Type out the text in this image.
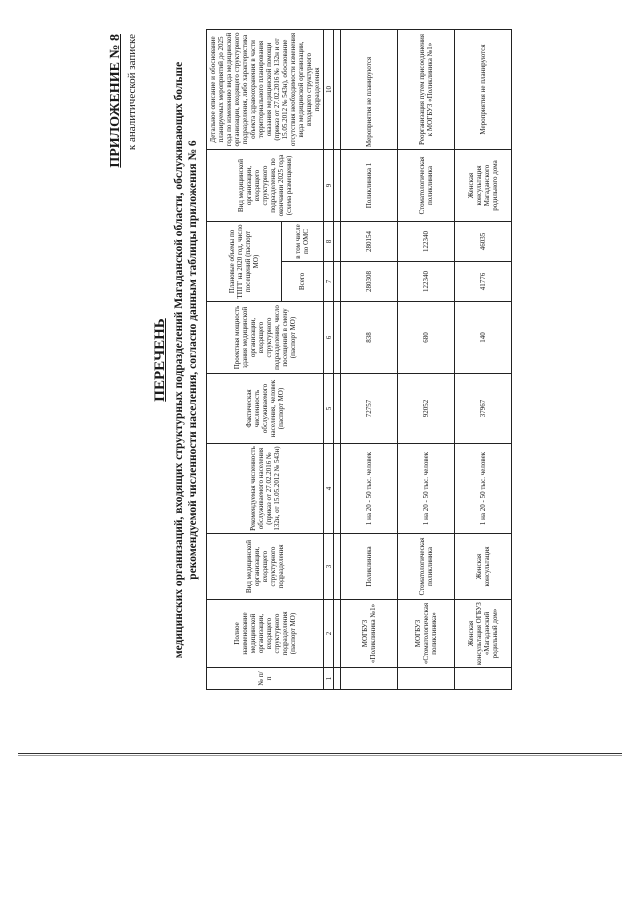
ПРИЛОЖЕНИЕ № 8 к аналитической записке
ПЕРЕЧЕНЬ медицинских организаций, входящих структурных подразделений Магаданской области, обслуживающих больше рекомендуемой численности населения, согласно данным таблицы приложения № 6
№ п/п	Полное наименование медицинской организации, входящего структурного подразделения (паспорт МО)	Вид медицинской организации, входящего структурного подразделения	Рекомендуемая численность обслуживаемого населения (приказ от 27.02.2016 № 132н, от 15.05.2012 № 543н)	Фактическая численность обслуживаемого населения, человек (паспорт МО)	Проектная мощность здания медицинской организации, входящего структурного подразделения, число посещений в смену (паспорт МО)	Плановые объемы по ТПГГ на 2020 год, число посещений (паспорт МО)		Вид медицинской организации, входящего структурного подразделения, по окончании 2025 года (схема размещения)	Детальное описание и обоснование планируемых мероприятий до 2025 года по изменению вида медицинской организации, входящего структурного подразделения, либо характеристика объекта здравоохранения в части территориального планирования оказания медицинской помощи (приказ от 27.02.2016 № 132н и от 15.05.2012 № 543н), обоснование отсутствия необходимости изменения вида медицинской организации, входящего структурного подразделения
						Всего	в том числе по ОМС		
1	2	3	4	5	6	7	8	9	10

	МОГБУЗ «Поликлиника №1»	Поликлиника	1 на 20 - 50 тыс. человек	72757	838	280308	280154	Поликлиника 1	Мероприятия не планируются
	МОГБУЗ «Стоматологическая поликлиника»	Стоматологическая поликлиника	1 на 20 - 50 тыс. человек	92052	680	122340	122340	Стоматологическая поликлиника	Реорганизация путем присоединения к МОГБУЗ «Поликлиника №1»
	Женская консультация ОГБУЗ «Магаданский родильный дом»	Женская консультация	1 на 20 - 50 тыс. человек	37967	140	41776	46035	Женская консультация Магаданского родильного дома	Мероприятия не планируются
